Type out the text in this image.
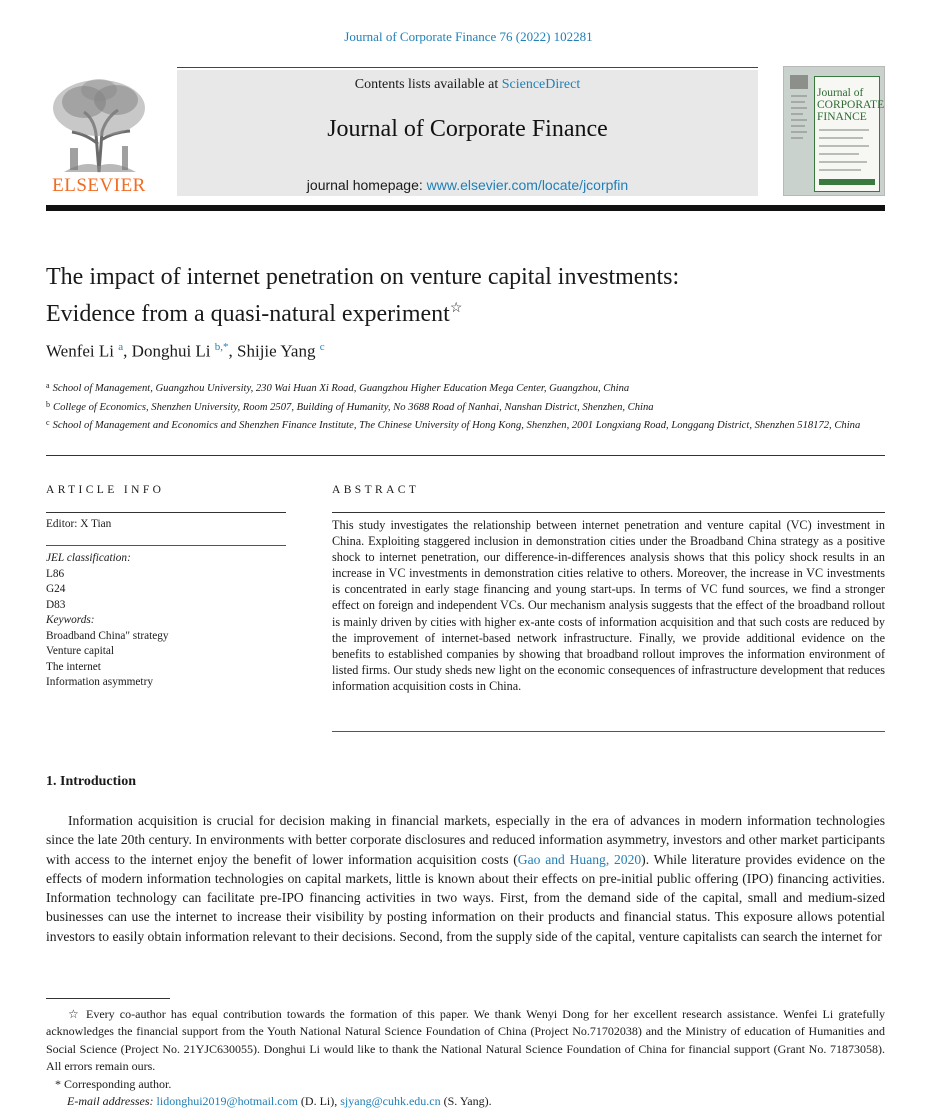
Journal of Corporate Finance 76 (2022) 102281
Contents lists available at ScienceDirect
Journal of Corporate Finance
journal homepage: www.elsevier.com/locate/jcorpfin
ELSEVIER
Journal of
CORPORATE
FINANCE
The impact of internet penetration on venture capital investments:
Evidence from a quasi-natural experiment☆
Wenfei Li $^a$, Donghui Li $^{b,*}$, Shijie Yang $^c$
$^a$ School of Management, Guangzhou University, 230 Wai Huan Xi Road, Guangzhou Higher Education Mega Center, Guangzhou, China
$^b$ College of Economics, Shenzhen University, Room 2507, Building of Humanity, No 3688 Road of Nanhai, Nanshan District, Shenzhen, China
$^c$ School of Management and Economics and Shenzhen Finance Institute, The Chinese University of Hong Kong, Shenzhen, 2001 Longxiang Road, Longgang District, Shenzhen 518172, China
ARTICLE INFO
Editor: X Tian
JEL classification:
L86
G24
D83
Keywords:
Broadband China" strategy
Venture capital
The internet
Information asymmetry
ABSTRACT
This study investigates the relationship between internet penetration and venture capital (VC) investment in China. Exploiting staggered inclusion in demonstration cities under the Broadband China strategy as a positive shock to internet penetration, our difference-in-differences analysis shows that this policy shock results in an increase in VC investments in demonstration cities relative to others. Moreover, the increase in VC investments is concentrated in early stage financing and young start-ups. In terms of VC fund sources, we find a stronger effect on foreign and independent VCs. Our mechanism analysis suggests that the effect of the broadband rollout is mainly driven by cities with higher ex-ante costs of information acquisition and that such costs are reduced by the improvement of internet-based network infrastructure. Finally, we provide additional evidence on the benefits to established companies by showing that broadband rollout improves the information environment of listed firms. Our study sheds new light on the economic consequences of infrastructure development that reduces information acquisition costs in China.
1. Introduction
Information acquisition is crucial for decision making in financial markets, especially in the era of advances in modern information technologies since the late 20th century. In environments with better corporate disclosures and reduced information asymmetry, investors and other market participants with access to the internet enjoy the benefit of lower information acquisition costs (Gao and Huang, 2020). While literature provides evidence on the effects of modern information technologies on capital markets, little is known about their effects on pre-initial public offering (IPO) financing activities. Information technology can facilitate pre-IPO financing activities in two ways. First, from the demand side of the capital, small and medium-sized businesses can use the internet to increase their visibility by posting information on their products and financial status. This exposure allows potential investors to easily obtain information relevant to their decisions. Second, from the supply side of the capital, venture capitalists can search the internet for

☆ Every co-author has equal contribution towards the formation of this paper. We thank Wenyi Dong for her excellent research assistance. Wenfei Li gratefully acknowledges the financial support from the Youth National Natural Science Foundation of China (Project No.71702038) and the Ministry of education of Humanities and Social Science (Project No. 21YJC630055). Donghui Li would like to thank the National Natural Science Foundation of China for financial support (Grant No. 71873058). All errors remain ours.

* Corresponding author.

E-mail addresses: lidonghui2019@hotmail.com (D. Li), sjyang@cuhk.edu.cn (S. Yang).
